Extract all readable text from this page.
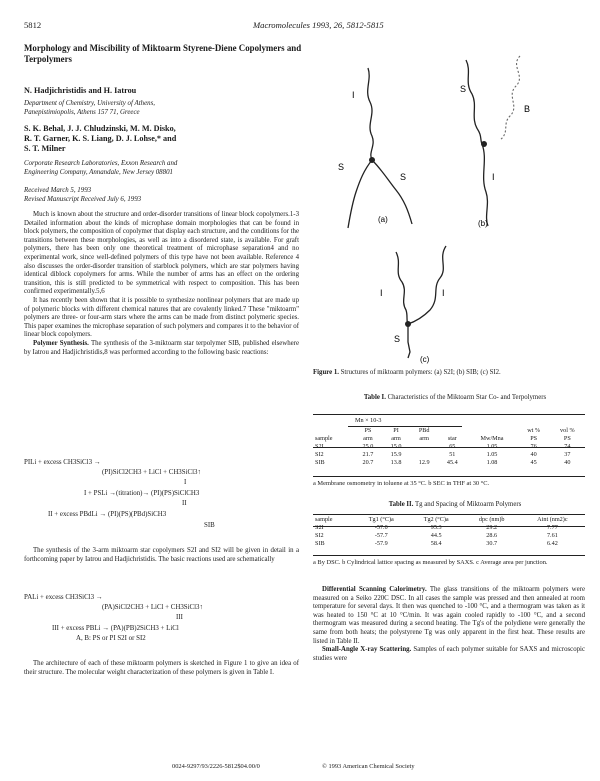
5812	Macromolecules 1993, 26, 5812-5815
Morphology and Miscibility of Miktoarm Styrene-Diene Copolymers and Terpolymers
N. Hadjichristidis and H. Iatrou
Department of Chemistry, University of Athens,
Panepistimiopolis, Athens 157 71, Greece
S. K. Behal, J. J. Chludzinski, M. M. Disko,
R. T. Garner, K. S. Liang, D. J. Lohse,* and
S. T. Milner
Corporate Research Laboratories, Exxon Research and
Engineering Company, Annandale, New Jersey 08801
Received March 5, 1993
Revised Manuscript Received July 6, 1993

Much is known about the structure and order-disorder transitions of linear block copolymers.1-3 Detailed information about the kinds of microphase domain morphologies that can be found in block polymers, the composition of copolymer that display each structure, and the conditions for the transitions between these morphologies, as well as into a disordered state, is available. For graft polymers, there has been only one theoretical treatment of microphase separation4 and no experimental work, since well-defined polymers of this type have not been available. Reference 4 also discusses the order-disorder transition of starblock polymers, which are star polymers having identical diblock copolymers for arms. While the number of arms has an effect on the ordering transition, this is still predicted to be symmetrical with respect to composition. This has been confirmed experimentally.5,6

It has recently been shown that it is possible to synthesize nonlinear polymers that are made up of polymeric blocks with different chemical natures that are covalently linked.7 These "miktoarm" polymers are three- or four-arm stars where the arms can be made from distinct polymeric species. This paper examines the microphase separation of such polymers and compares it to the behavior of linear block copolymers.

Polymer Synthesis. The synthesis of the 3-miktoarm star terpolymer SIB, published elsewhere by Iatrou and Hadjichristidis,8 was performed according to the following basic reactions:

PILi + excess CH3SiCl3 →
(PI)SiCl2CH3 + LiCl + CH3SiCl3↑
I
I + PSLi →(titration)→ (PI)(PS)SiClCH3
II
II + excess PBdLi → (PI)(PS)(PBd)SiCH3
SIB

The synthesis of the 3-arm miktoarm star copolymers S2I and SI2 will be given in detail in a forthcoming paper by Iatrou and Hadjichristidis. The basic reactions used are schematically

PALi + excess CH3SiCl3 →
(PA)SiCl2CH3 + LiCl + CH3SiCl3↑
III
III + excess PBLi → (PA)(PB)2SiCH3 + LiCl
A, B: PS or PI S2I or SI2

The architecture of each of these miktoarm polymers is sketched in Figure 1 to give an idea of their structure. The molecular weight characterization of these polymers is given in Table I.

I
S
S
(a)
S
B
I
(b)
I	I
S
(c)
Figure 1. Structures of miktoarm polymers: (a) S2I; (b) SIB; (c) SI2.
Table I. Characteristics of the Miktoarm Star Co- and Terpolymers
Mn × 10-3
	PS	PI	PBd			wt %	vol %
sample	arm	arm	arm	star	Mw/Mna	PS	PS
S2I	25.0	15.0		65	1.05	76	74
SI2	21.7	15.9		51	1.05	40	37
SIB	20.7	13.8	12.9	45.4	1.08	45	40
a Membrane osmometry in toluene at 35 °C. b SEC in THF at 30 °C.
Table II. Tg and Spacing of Miktoarm Polymers
sample	Tg1 (°C)a	Tg2 (°C)a	dpc (nm)b	Aint (nm2)c
S2I	-57.0	95.3	29.2	7.77
SI2	-57.7	44.5	28.6	7.61
SIB	-57.9	58.4	30.7	6.42
a By DSC. b Cylindrical lattice spacing as measured by SAXS. c Average area per junction.

Differential Scanning Calorimetry. The glass transitions of the miktoarm polymers were measured on a Seiko 220C DSC. In all cases the sample was pressed and then annealed at room temperature for several days. It then was quenched to -100 °C, and a thermogram was taken as it was heated to 150 °C at 10 °C/min. It was again cooled rapidly to -100 °C, and a second thermogram was measured during a second heating. The Tg's of the polydiene were generally the same from both heats; the polystyrene Tg was only apparent in the first heat. These results are listed in Table II.

Small-Angle X-ray Scattering. Samples of each polymer suitable for SAXS and microscopic studies were

0024-9297/93/2226-5812$04.00/0	© 1993 American Chemical Society
